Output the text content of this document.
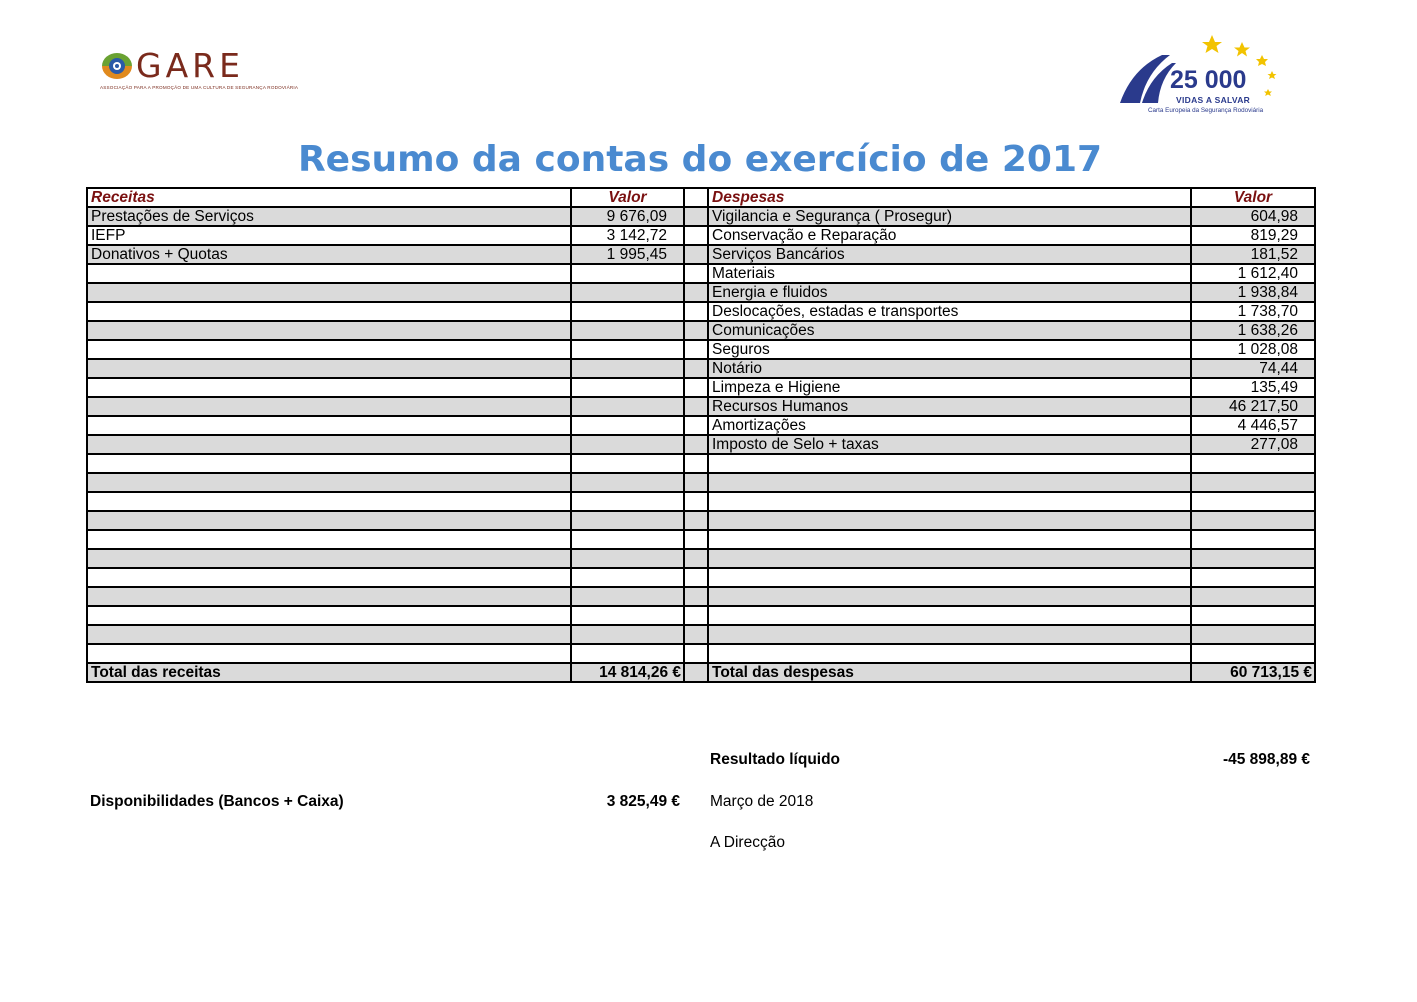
GARE
ASSOCIAÇÃO PARA A PROMOÇÃO DE UMA CULTURA DE SEGURANÇA RODOVIÁRIA	25 000
VIDAS A SALVAR
Carta Europeia da Segurança Rodoviária
Resumo da contas do exercício de 2017
Receitas	Valor		Despesas	Valor
Prestações de Serviços	9 676,09		Vigilancia e Segurança ( Prosegur)	604,98
IEFP	3 142,72		Conservação e Reparação	819,29
Donativos + Quotas	1 995,45		Serviços Bancários	181,52
			Materiais	1 612,40
			Energia e fluidos	1 938,84
			Deslocações, estadas e transportes	1 738,70
			Comunicações	1 638,26
			Seguros	1 028,08
			Notário	74,44
			Limpeza e Higiene	135,49
			Recursos Humanos	46 217,50
			Amortizações	4 446,57
			Imposto de Selo + taxas	277,08

Total das receitas	14 814,26 €		Total das despesas	60 713,15 €
Resultado líquido	-45 898,89 €
Disponibilidades (Bancos + Caixa)	3 825,49 € Março de 2018
A Direcção
